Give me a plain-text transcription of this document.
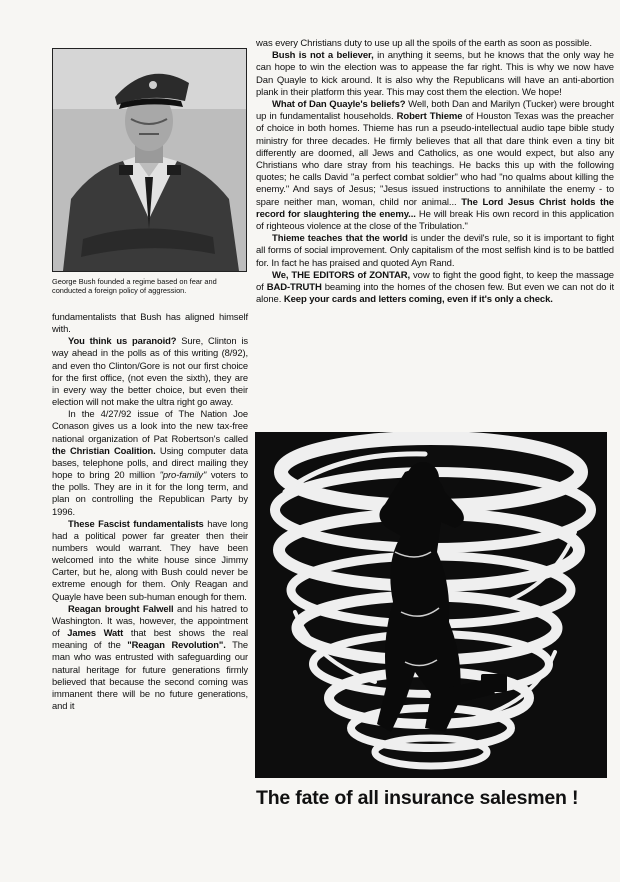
George Bush founded a regime based on fear and conducted a foreign policy of aggression.

fundamentalists that Bush has aligned himself with.

You think us paranoid? Sure, Clinton is way ahead in the polls as of this writing (8/92), and even tho Clinton/Gore is not our first choice for the first office, (not even the sixth), they are in every way the better choice, but even their election will not make the ultra right go away.

In the 4/27/92 issue of The Nation Joe Conason gives us a look into the new tax-free national organization of Pat Robertson's called the Christian Coalition. Using computer data bases, telephone polls, and direct mailing they hope to bring 20 million "pro-family" voters to the polls. They are in it for the long term, and plan on controlling the Republican Party by 1996.

These Fascist fundamentalists have long had a political power far greater then their numbers would warrant. They have been welcomed into the white house since Jimmy Carter, but he, along with Bush could never be extreme enough for them. Only Reagan and Quayle have been sub-human enough for them.

Reagan brought Falwell and his hatred to Washington. It was, however, the appointment of James Watt that best shows the real meaning of the "Reagan Revolution". The man who was entrusted with safeguarding our natural heritage for future generations firmly believed that because the second coming was immanent there will be no future generations, and it

was every Christians duty to use up all the spoils of the earth as soon as possible.

Bush is not a believer, in anything it seems, but he knows that the only way he can hope to win the election was to appease the far right. This is why we now have Dan Quayle to kick around. It is also why the Republicans will have an anti-abortion plank in their platform this year. This may cost them the election. We hope!

What of Dan Quayle's beliefs? Well, both Dan and Marilyn (Tucker) were brought up in fundamentalist households. Robert Thieme of Houston Texas was the preacher of choice in both homes. Thieme has run a pseudo-intellectual audio tape bible study ministry for three decades. He firmly believes that all that dare think even a tiny bit differently are doomed, all Jews and Catholics, as one would expect, but also any Christians who dare stray from his teachings. He backs this up with the following quotes; he calls David "a perfect combat soldier" who had "no qualms about killing the enemy." And says of Jesus; "Jesus issued instructions to annihilate the enemy - to spare neither man, woman, child nor animal... The Lord Jesus Christ holds the record for slaughtering the enemy... He will break His own record in this application of righteous violence at the close of the Tribulation."

Thieme teaches that the world is under the devil's rule, so it is important to fight all forms of social improvement. Only capitalism of the most selfish kind is to be battled for. In fact he has praised and quoted Ayn Rand.

We, THE EDITORS of ZONTAR, vow to fight the good fight, to keep the massage of BAD-TRUTH beaming into the homes of the chosen few. But even we can not do it alone. Keep your cards and letters coming, even if it's only a check.

The fate of all insurance salesmen !
